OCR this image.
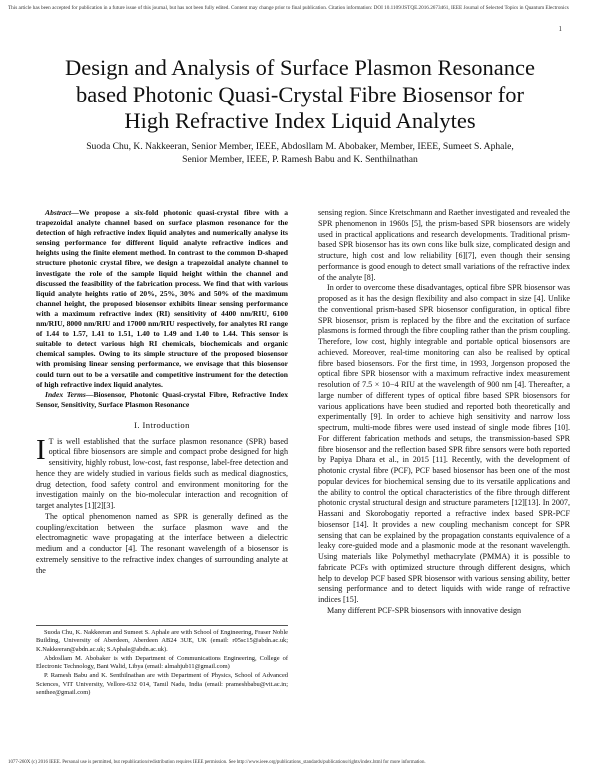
This article has been accepted for publication in a future issue of this journal, but has not been fully edited. Content may change prior to final publication. Citation information: DOI 10.1109/JSTQE.2016.2673461, IEEE Journal of Selected Topics in Quantum Electronics
1
Design and Analysis of Surface Plasmon Resonance
based Photonic Quasi-Crystal Fibre Biosensor for
High Refractive Index Liquid Analytes
Suoda Chu, K. Nakkeeran, Senior Member, IEEE, Abdosllam M. Abobaker, Member, IEEE, Sumeet S. Aphale,
Senior Member, IEEE, P. Ramesh Babu and K. Senthilnathan

Abstract—We propose a six-fold photonic quasi-crystal fibre with a trapezoidal analyte channel based on surface plasmon resonance for the detection of high refractive index liquid analytes and numerically analyse its sensing performance for different liquid analyte refractive indices and heights using the finite element method. In contrast to the common D-shaped structure photonic crystal fibre, we design a trapezoidal analyte channel to investigate the role of the sample liquid height within the channel and discussed the feasibility of the fabrication process. We find that with various liquid analyte heights ratio of 20%, 25%, 30% and 50% of the maximum channel height, the proposed biosensor exhibits linear sensing performance with a maximum refractive index (RI) sensitivity of 4400 nm/RIU, 6100 nm/RIU, 8000 nm/RIU and 17000 nm/RIU respectively, for analytes RI range of 1.44 to 1.57, 1.41 to 1.51, 1.40 to 1.49 and 1.40 to 1.44. This sensor is suitable to detect various high RI chemicals, biochemicals and organic chemical samples. Owing to its simple structure of the proposed biosensor with promising linear sensing performance, we envisage that this biosensor could turn out to be a versatile and competitive instrument for the detection of high refractive index liquid analytes.

Index Terms—Biosensor, Photonic Quasi-crystal Fibre, Refractive Index Sensor, Sensitivity, Surface Plasmon Resonance

I. Introduction

I T is well established that the surface plasmon resonance (SPR) based optical fibre biosensors are simple and compact probe designed for high sensitivity, highly robust, low-cost, fast response, label-free detection and hence they are widely studied in various fields such as medical diagnostics, drug detection, food safety control and environment monitoring for the investigation mainly on the bio-molecular interaction and recognition of target analytes [1][2][3].

The optical phenomenon named as SPR is generally defined as the coupling/excitation between the surface plasmon wave and the electromagnetic wave propagating at the interface between a dielectric medium and a conductor [4]. The resonant wavelength of a biosensor is extremely sensitive to the refractive index changes of surrounding analyte at the

Suoda Chu, K. Nakkeeran and Sumeet S. Aphale are with School of Engineering, Fraser Noble Building, University of Aberdeen, Aberdeen AB24 3UE, UK (email: r05sc15@abdn.ac.uk; K.Nakkeeran@abdn.ac.uk; S.Aphale@abdn.ac.uk).

Abdosllam M. Abobaker is with Department of Communications Engineering, College of Electronic Technology, Bani Walid, Libya (email: almahjub11@gmail.com)

P. Ramesh Babu and K. Senthilnathan are with Department of Physics, School of Advanced Sciences, VIT University, Vellore-632 014, Tamil Nadu, India (email: prameshbabu@vit.ac.in; senthee@gmail.com)

sensing region. Since Kretschmann and Raether investigated and revealed the SPR phenomenon in 1960s [5], the prism-based SPR biosensors are widely used in practical applications and research developments. Traditional prism-based SPR biosensor has its own cons like bulk size, complicated design and structure, high cost and low reliability [6][7], even though their sensing performance is good enough to detect small variations of the refractive index of the analyte [8].

In order to overcome these disadvantages, optical fibre SPR biosensor was proposed as it has the design flexibility and also compact in size [4]. Unlike the conventional prism-based SPR biosensor configuration, in optical fibre SPR biosensor, prism is replaced by the fibre and the excitation of surface plasmons is formed through the fibre coupling rather than the prism coupling. Therefore, low cost, highly integrable and portable optical biosensors are achieved. Moreover, real-time monitoring can also be realised by optical fibre based biosensors. For the first time, in 1993, Jorgenson proposed the optical fibre SPR biosensor with a maximum refractive index measurement resolution of 7.5 × 10−4 RIU at the wavelength of 900 nm [4]. Thereafter, a large number of different types of optical fibre based SPR biosensors for various applications have been studied and reported both theoretically and experimentally [9]. In order to achieve high sensitivity and narrow loss spectrum, multi-mode fibres were used instead of single mode fibres [10]. For different fabrication methods and setups, the transmission-based SPR fibre biosensor and the reflection based SPR fibre sensors were both reported by Papiya Dhara et al., in 2015 [11]. Recently, with the development of photonic crystal fibre (PCF), PCF based biosensor has been one of the most popular devices for biochemical sensing due to its versatile applications and the ability to control the optical characteristics of the fibre through different photonic crystal structural design and structure parameters [12][13]. In 2007, Hassani and Skorobogatiy reported a refractive index based SPR-PCF biosensor [14]. It provides a new coupling mechanism concept for SPR sensing that can be explained by the propagation constants equivalence of a leaky core-guided mode and a plasmonic mode at the resonant wavelength. Using materials like Polymethyl methacrylate (PMMA) it is possible to fabricate PCFs with optimized structure through different designs, which help to develop PCF based SPR biosensor with various sensing ability, better sensing performance and to detect liquids with wide range of refractive indices [15].

Many different PCF-SPR biosensors with innovative design

1077-260X (c) 2016 IEEE. Personal use is permitted, but republication/redistribution requires IEEE permission. See http://www.ieee.org/publications_standards/publications/rights/index.html for more information.
